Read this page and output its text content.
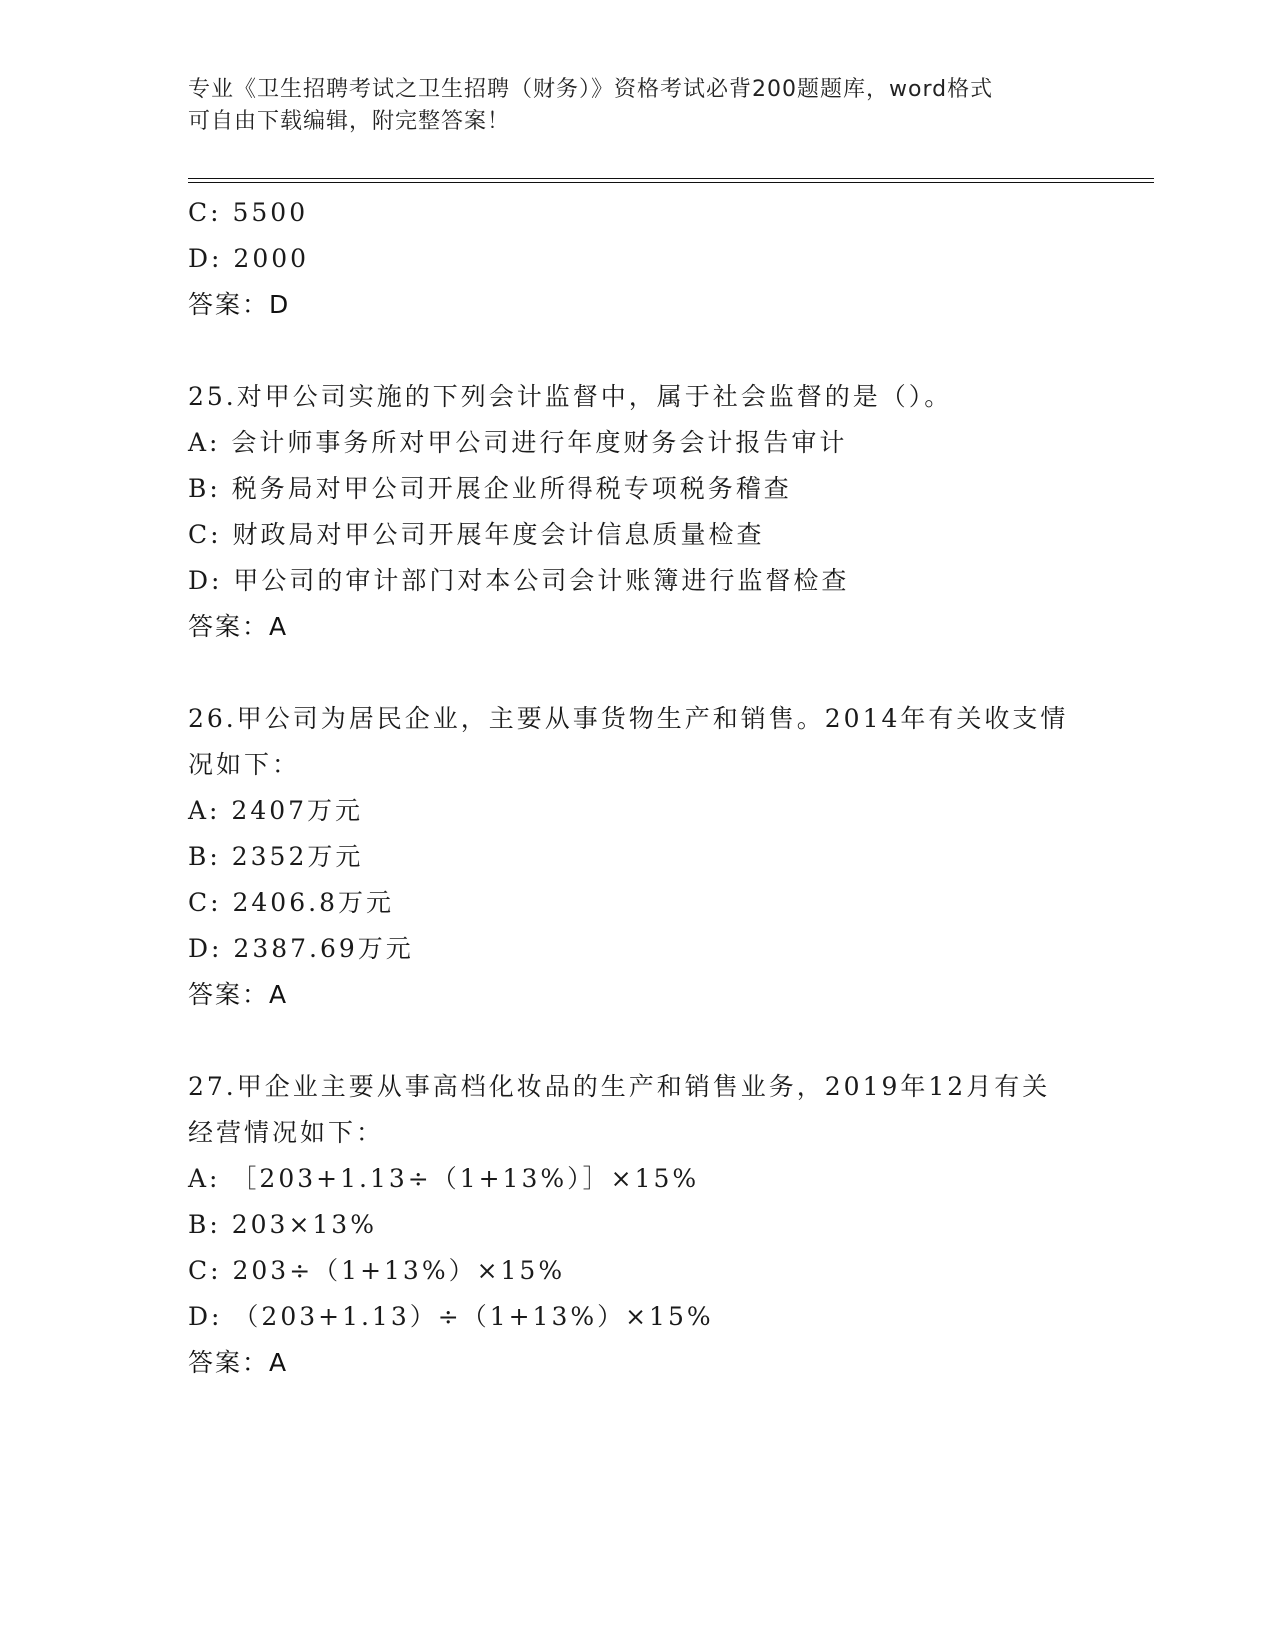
专业《卫生招聘考试之卫生招聘（财务）》资格考试必背200题题库，word格式
可自由下载编辑，附完整答案！
C: 5500
D: 2000
答案：D
25.对甲公司实施的下列会计监督中，属于社会监督的是（）。
A: 会计师事务所对甲公司进行年度财务会计报告审计
B: 税务局对甲公司开展企业所得税专项税务稽查
C: 财政局对甲公司开展年度会计信息质量检查
D: 甲公司的审计部门对本公司会计账簿进行监督检查
答案：A
26.甲公司为居民企业，主要从事货物生产和销售。2014年有关收支情
况如下：
A: 2407万元
B: 2352万元
C: 2406.8万元
D: 2387.69万元
答案：A
27.甲企业主要从事高档化妆品的生产和销售业务，2019年12月有关
经营情况如下：
A: ［203+1.13÷（1+13%）］×15%
B: 203×13%
C: 203÷（1+13%）×15%
D: （203+1.13）÷（1+13%）×15%
答案：A
